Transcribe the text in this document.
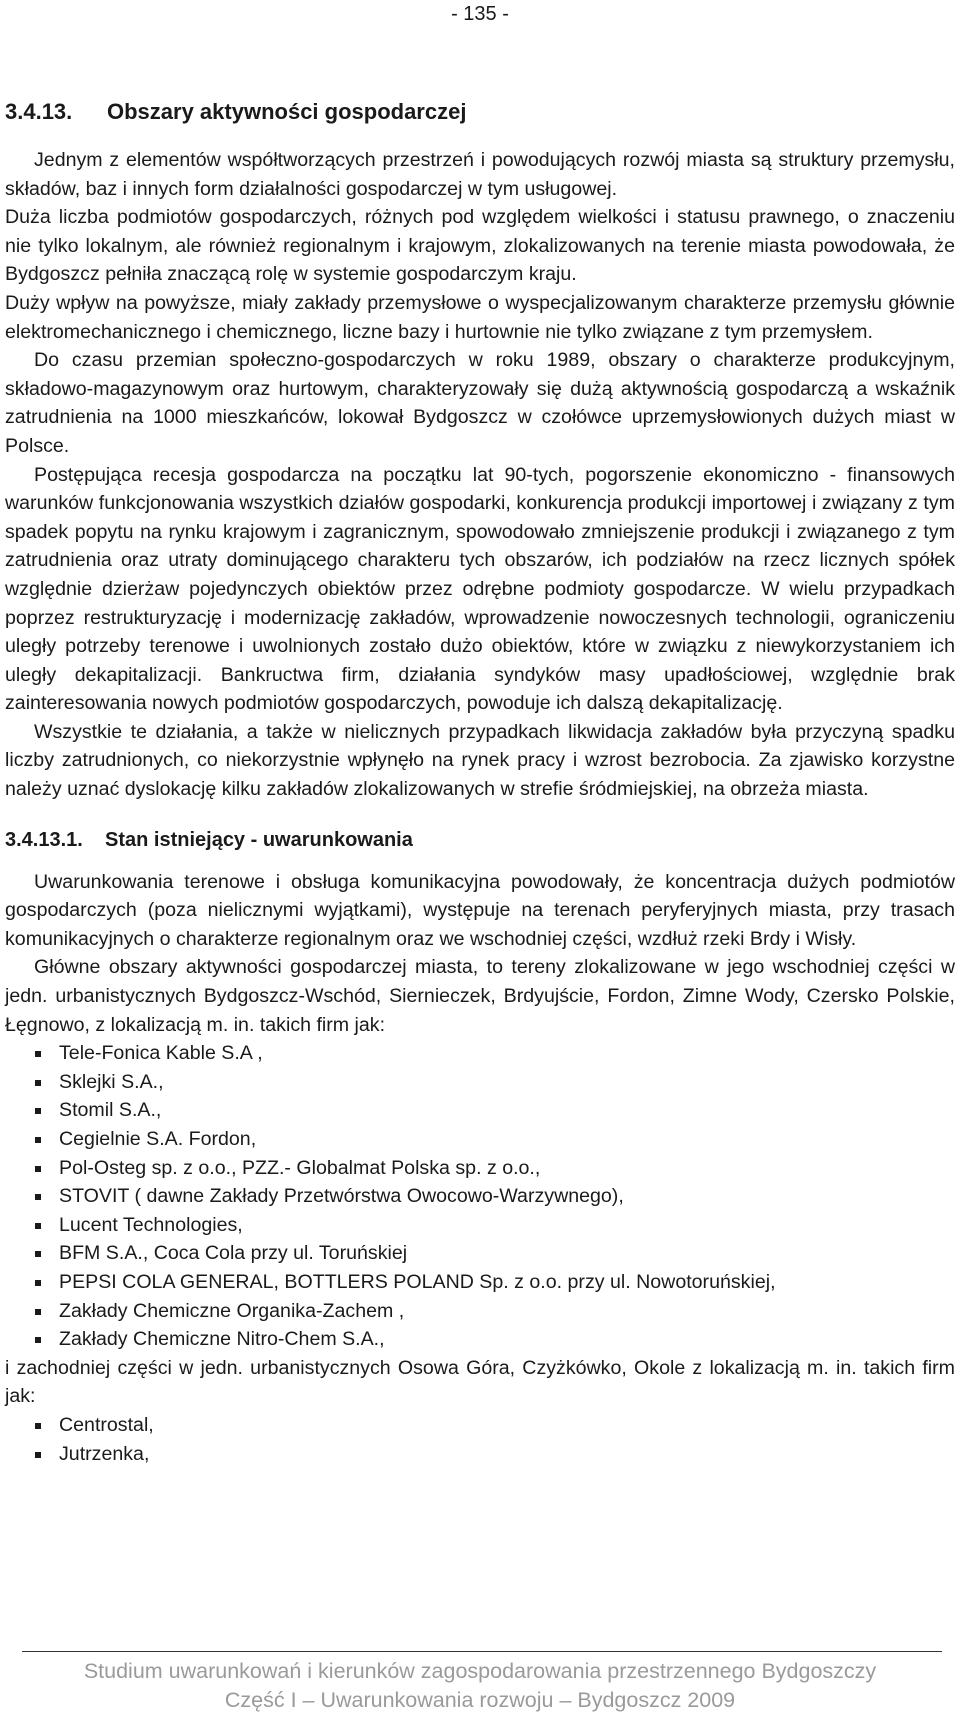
- 135 -
3.4.13. Obszary aktywności gospodarczej

Jednym z elementów współtworzących przestrzeń i powodujących rozwój miasta są struktury przemysłu, składów, baz i innych form działalności gospodarczej w tym usługowej.

Duża liczba podmiotów gospodarczych, różnych pod względem wielkości i statusu prawnego, o znaczeniu nie tylko lokalnym, ale również regionalnym i krajowym, zlokalizowanych na terenie miasta powodowała, że Bydgoszcz pełniła znaczącą rolę w systemie gospodarczym kraju.

Duży wpływ na powyższe, miały zakłady przemysłowe o wyspecjalizowanym charakterze przemysłu głównie elektromechanicznego i chemicznego, liczne bazy i hurtownie nie tylko związane z tym przemysłem.

Do czasu przemian społeczno-gospodarczych w roku 1989, obszary o charakterze produkcyjnym, składowo-magazynowym oraz hurtowym, charakteryzowały się dużą aktywnością gospodarczą a wskaźnik zatrudnienia na 1000 mieszkańców, lokował Bydgoszcz w czołówce uprzemysłowionych dużych miast w Polsce.

Postępująca recesja gospodarcza na początku lat 90-tych, pogorszenie ekonomiczno - finansowych warunków funkcjonowania wszystkich działów gospodarki, konkurencja produkcji importowej i związany z tym spadek popytu na rynku krajowym i zagranicznym, spowodowało zmniejszenie produkcji i związanego z tym zatrudnienia oraz utraty dominującego charakteru tych obszarów, ich podziałów na rzecz licznych spółek względnie dzierżaw pojedynczych obiektów przez odrębne podmioty gospodarcze. W wielu przypadkach poprzez restrukturyzację i modernizację zakładów, wprowadzenie nowoczesnych technologii, ograniczeniu uległy potrzeby terenowe i uwolnionych zostało dużo obiektów, które w związku z niewykorzystaniem ich uległy dekapitalizacji. Bankructwa firm, działania syndyków masy upadłościowej, względnie brak zainteresowania nowych podmiotów gospodarczych, powoduje ich dalszą dekapitalizację.

Wszystkie te działania, a także w nielicznych przypadkach likwidacja zakładów była przyczyną spadku liczby zatrudnionych, co niekorzystnie wpłynęło na rynek pracy i wzrost bezrobocia. Za zjawisko korzystne należy uznać dyslokację kilku zakładów zlokalizowanych w strefie śródmiejskiej, na obrzeża miasta.

3.4.13.1. Stan istniejący - uwarunkowania

Uwarunkowania terenowe i obsługa komunikacyjna powodowały, że koncentracja dużych podmiotów gospodarczych (poza nielicznymi wyjątkami), występuje na terenach peryferyjnych miasta, przy trasach komunikacyjnych o charakterze regionalnym oraz we wschodniej części, wzdłuż rzeki Brdy i Wisły.

Główne obszary aktywności gospodarczej miasta, to tereny zlokalizowane w jego wschodniej części w jedn. urbanistycznych Bydgoszcz-Wschód, Siernieczek, Brdyujście, Fordon, Zimne Wody, Czersko Polskie, Łęgnowo, z lokalizacją m. in. takich firm jak:

Tele-Fonica Kable S.A ,
Sklejki S.A.,
Stomil S.A.,
Cegielnie S.A. Fordon,
Pol-Osteg sp. z o.o., PZZ.- Globalmat Polska sp. z o.o.,
STOVIT ( dawne Zakłady Przetwórstwa Owocowo-Warzywnego),
Lucent Technologies,
BFM S.A., Coca Cola przy ul. Toruńskiej
PEPSI COLA GENERAL, BOTTLERS POLAND Sp. z o.o. przy ul. Nowotoruńskiej,
Zakłady Chemiczne Organika-Zachem ,
Zakłady Chemiczne Nitro-Chem S.A.,

i zachodniej części w jedn. urbanistycznych Osowa Góra, Czyżkówko, Okole z lokalizacją m. in. takich firm jak:

Centrostal,
Jutrzenka,
Studium uwarunkowań i kierunków zagospodarowania przestrzennego Bydgoszczy
Część I – Uwarunkowania rozwoju – Bydgoszcz 2009
